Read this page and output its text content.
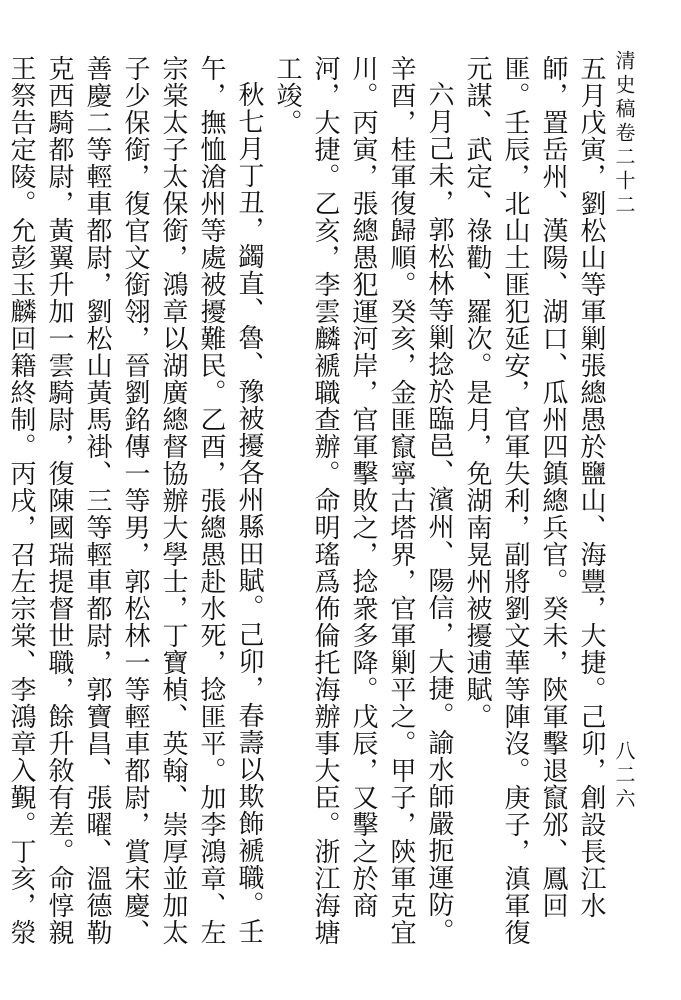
清史稿卷二十二

五月戊寅，劉松山等軍剿張總愚於鹽山、海豐，大捷。己卯，創設長江水師，置岳州、漢陽、湖口、瓜州四鎮總兵官。癸未，陝軍擊退竄邠、鳳回匪。壬辰，北山土匪犯延安，官軍失利，副將劉文華等陣沒。庚子，滇軍復元謀、武定、祿勸、羅次。是月，免湖南晃州被擾逋賦。

六月己未，郭松林等剿捻於臨邑、濱州、陽信，大捷。諭水師嚴扼運防。辛酉，桂軍復歸順。癸亥，金匪竄寧古塔界，官軍剿平之。甲子，陝軍克宜川。丙寅，張總愚犯運河岸，官軍擊敗之，捻衆多降。戊辰，又擊之於商河，大捷。乙亥，李雲麟褫職查辦。命明瑤爲佈倫托海辦事大臣。浙江海塘工竣。

秋七月丁丑，蠲直、魯、豫被擾各州縣田賦。己卯，春壽以欺飾褫職。壬午，撫恤滄州等處被擾難民。乙酉，張總愚赴水死，捻匪平。加李鴻章、左宗棠太子太保銜，鴻章以湖廣總督協辦大學士，丁寶楨、英翰、崇厚並加太子少保銜，復官文銜翎，晉劉銘傳一等男，郭松林一等輕車都尉，賞宋慶、善慶二等輕車都尉，劉松山黃馬褂、三等輕車都尉，郭寶昌、張曜、溫德勒克西騎都尉，黃翼升加一雲騎尉，復陳國瑞提督世職，餘升敘有差。命惇親王祭告定陵。允彭玉麟回籍終制。丙戌，召左宗棠、李鴻章入覲。丁亥，滎

八二六
